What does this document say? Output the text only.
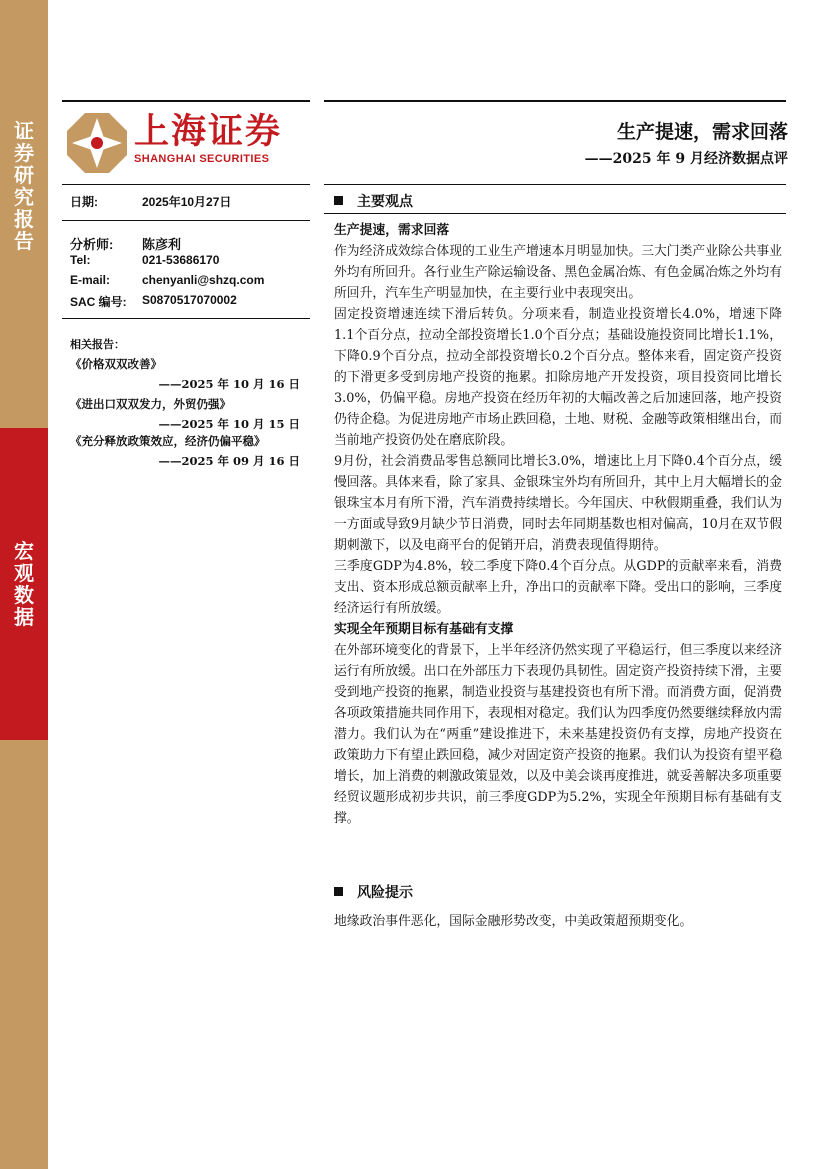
证
券
研
究
报
告
宏
观
数
据
上海证券
SHANGHAI SECURITIES
生产提速，需求回落
——2025 年 9 月经济数据点评
日期:	2025年10月27日
分析师:	陈彦利
Tel:	021-53686170
E-mail:	chenyanli@shzq.com
SAC 编号:	S0870517070002
相关报告：
《价格双双改善》
——2025 年 10 月 16 日
《进出口双双发力，外贸仍强》
——2025 年 10 月 15 日
《充分释放政策效应，经济仍偏平稳》
——2025 年 09 月 16 日
主要观点

生产提速，需求回落

作为经济成效综合体现的工业生产增速本月明显加快。三大门类产业除公共事业外均有所回升。各行业生产除运输设备、黑色金属冶炼、有色金属冶炼之外均有所回升，汽车生产明显加快，在主要行业中表现突出。

固定投资增速连续下滑后转负。分项来看，制造业投资增长4.0%，增速下降1.1个百分点，拉动全部投资增长1.0个百分点；基础设施投资同比增长1.1%，下降0.9个百分点，拉动全部投资增长0.2个百分点。整体来看，固定资产投资的下滑更多受到房地产投资的拖累。扣除房地产开发投资，项目投资同比增长3.0%，仍偏平稳。房地产投资在经历年初的大幅改善之后加速回落，地产投资仍待企稳。为促进房地产市场止跌回稳，土地、财税、金融等政策相继出台，而当前地产投资仍处在磨底阶段。

9月份，社会消费品零售总额同比增长3.0%，增速比上月下降0.4个百分点，缓慢回落。具体来看，除了家具、金银珠宝外均有所回升，其中上月大幅增长的金银珠宝本月有所下滑，汽车消费持续增长。今年国庆、中秋假期重叠，我们认为一方面或导致9月缺少节日消费，同时去年同期基数也相对偏高，10月在双节假期刺激下，以及电商平台的促销开启，消费表现值得期待。

三季度GDP为4.8%，较二季度下降0.4个百分点。从GDP的贡献率来看，消费支出、资本形成总额贡献率上升，净出口的贡献率下降。受出口的影响，三季度经济运行有所放缓。

实现全年预期目标有基础有支撑

在外部环境变化的背景下，上半年经济仍然实现了平稳运行，但三季度以来经济运行有所放缓。出口在外部压力下表现仍具韧性。固定资产投资持续下滑，主要受到地产投资的拖累，制造业投资与基建投资也有所下滑。而消费方面，促消费各项政策措施共同作用下，表现相对稳定。我们认为四季度仍然要继续释放内需潜力。我们认为在“两重”建设推进下，未来基建投资仍有支撑，房地产投资在政策助力下有望止跌回稳，减少对固定资产投资的拖累。我们认为投资有望平稳增长，加上消费的刺激政策显效，以及中美会谈再度推进，就妥善解决多项重要经贸议题形成初步共识，前三季度GDP为5.2%，实现全年预期目标有基础有支撑。

风险提示
地缘政治事件恶化，国际金融形势改变，中美政策超预期变化。
